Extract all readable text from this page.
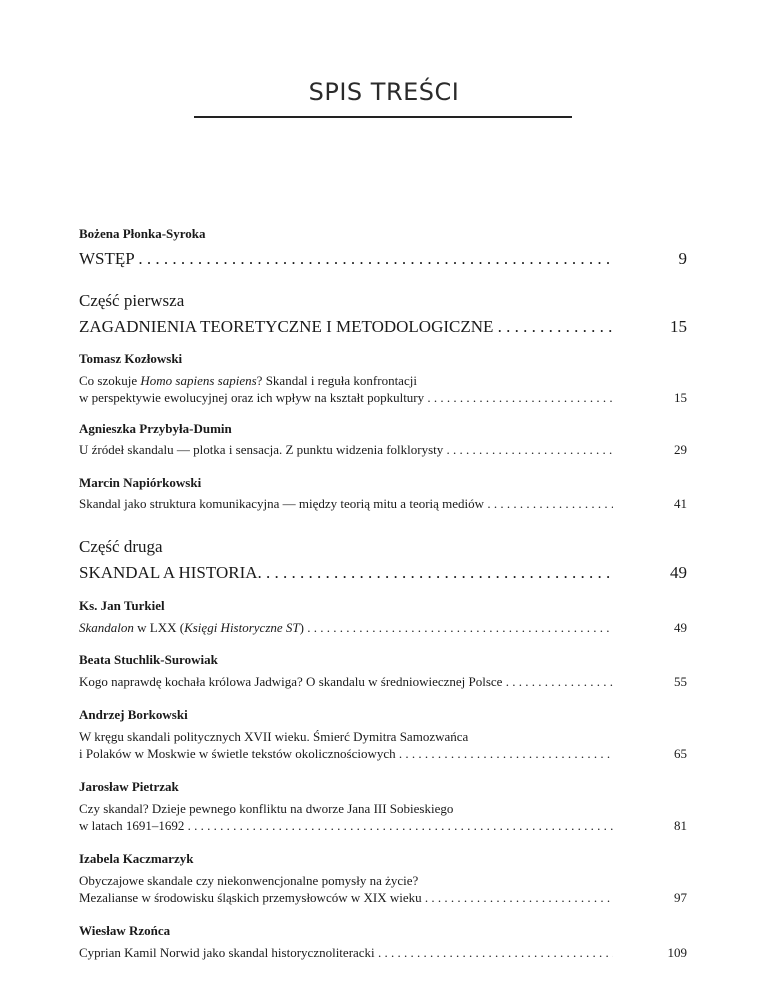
SPIS TREŚCI

Bożena Płonka-Syroka

WSTĘP . . .	9

Część pierwsza

ZAGADNIENIA TEORETYCZNE I METODOLOGICZNE . . .	15

Tomasz Kozłowski

Co szokuje Homo sapiens sapiens? Skandal i reguła konfrontacji
w perspektywie ewolucyjnej oraz ich wpływ na kształt popkultury . . .	15

Agnieszka Przybyła-Dumin

U źródeł skandalu — plotka i sensacja. Z punktu widzenia folklorysty . . .	29

Marcin Napiórkowski

Skandal jako struktura komunikacyjna — między teorią mitu a teorią mediów . . .	41

Część druga

SKANDAL A HISTORIA. . . .	49

Ks. Jan Turkiel

Skandalon w LXX (Księgi Historyczne ST) . . .	49

Beata Stuchlik-Surowiak

Kogo naprawdę kochała królowa Jadwiga? O skandalu w średniowiecznej Polsce . . .	55

Andrzej Borkowski

W kręgu skandali politycznych XVII wieku. Śmierć Dymitra Samozwańca
i Polaków w Moskwie w świetle tekstów okolicznościowych . . .	65

Jarosław Pietrzak

Czy skandal? Dzieje pewnego konfliktu na dworze Jana III Sobieskiego
w latach 1691–1692 . . .	81

Izabela Kaczmarzyk

Obyczajowe skandale czy niekonwencjonalne pomysły na życie?
Mezalianse w środowisku śląskich przemysłowców w XIX wieku . . .	97

Wiesław Rzońca

Cyprian Kamil Norwid jako skandal historycznoliteracki . . .	109
